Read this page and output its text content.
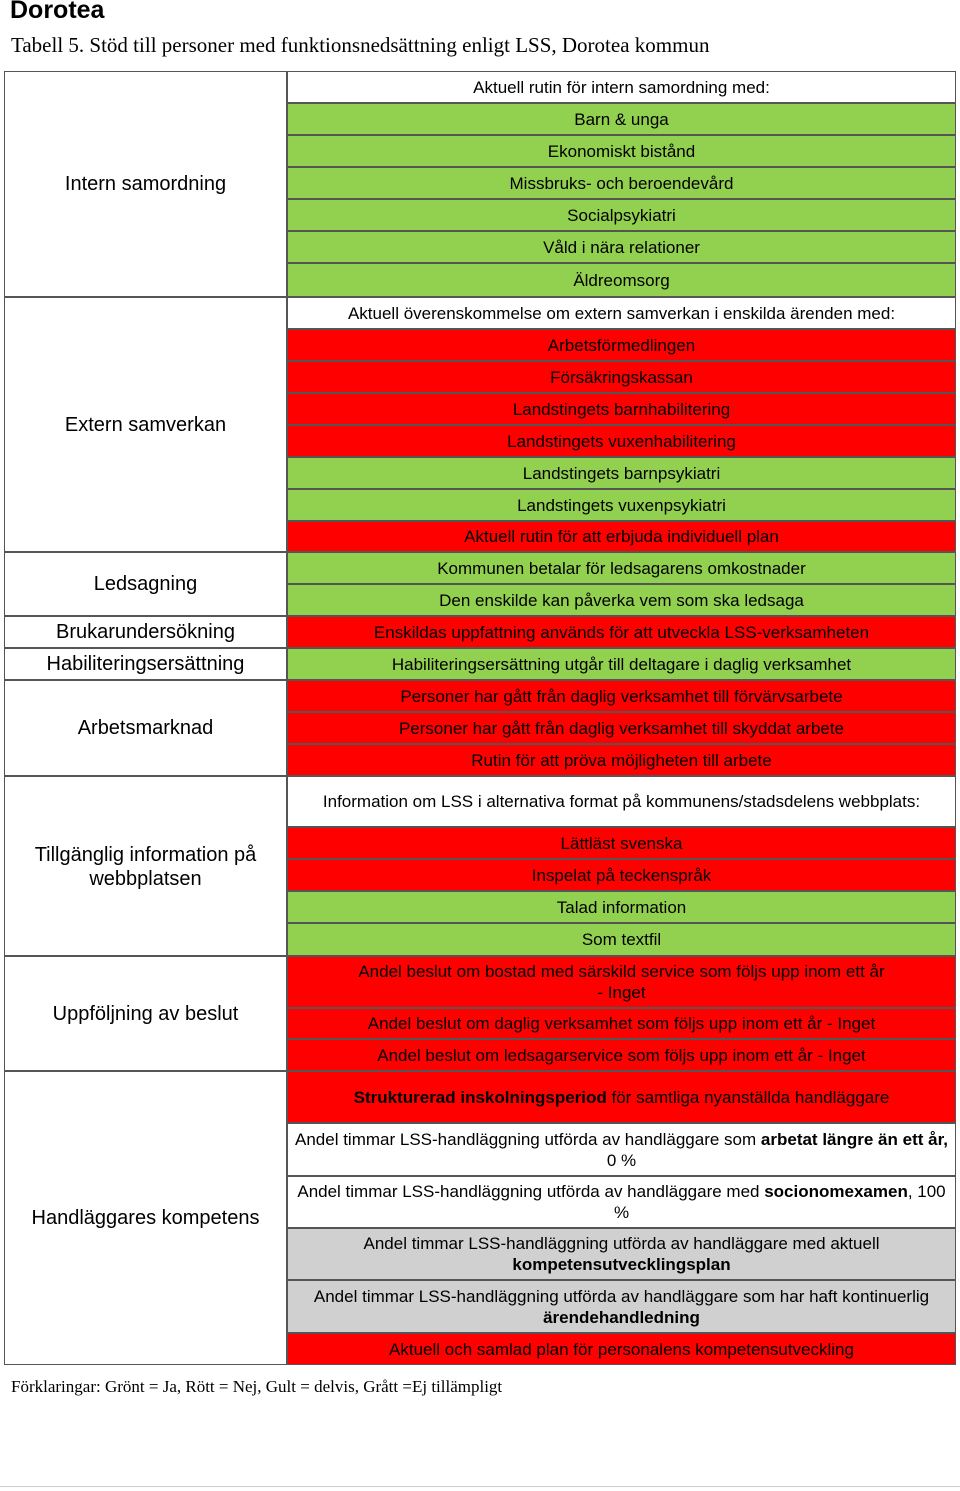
Dorotea
Tabell 5. Stöd till personer med funktionsnedsättning enligt LSS, Dorotea kommun
Intern samordning
Extern samverkan
Ledsagning
Brukarundersökning
Habiliteringsersättning
Arbetsmarknad
Tillgänglig information på
webbplatsen
Uppföljning av beslut
Handläggares kompetens
Aktuell rutin för intern samordning med:
Barn & unga
Ekonomiskt bistånd
Missbruks- och beroendevård
Socialpsykiatri
Våld i nära relationer
Äldreomsorg
Aktuell överenskommelse om extern samverkan i enskilda ärenden med:
Arbetsförmedlingen
Försäkringskassan
Landstingets barnhabilitering
Landstingets vuxenhabilitering
Landstingets barnpsykiatri
Landstingets vuxenpsykiatri
Aktuell rutin för att erbjuda individuell plan
Kommunen betalar för ledsagarens omkostnader
Den enskilde kan påverka vem som ska ledsaga
Enskildas uppfattning används för att utveckla LSS-verksamheten
Habiliteringsersättning utgår till deltagare i daglig verksamhet
Personer har gått från daglig verksamhet till förvärvsarbete
Personer har gått från daglig verksamhet till skyddat arbete
Rutin för att pröva möjligheten till arbete
Information om LSS i alternativa format på kommunens/stadsdelens webbplats:
Lättläst svenska
Inspelat på teckenspråk
Talad information
Som textfil
Andel beslut om bostad med särskild service som följs upp inom ett år
- Inget
Andel beslut om daglig verksamhet som följs upp inom ett år - Inget
Andel beslut om ledsagarservice som följs upp inom ett år - Inget
Strukturerad inskolningsperiod för samtliga nyanställda handläggare
Andel timmar LSS-handläggning utförda av handläggare som arbetat längre än ett år, 0 %
Andel timmar LSS-handläggning utförda av handläggare med socionomexamen, 100 %
Andel timmar LSS-handläggning utförda av handläggare med aktuell kompetensutvecklingsplan
Andel timmar LSS-handläggning utförda av handläggare som har haft kontinuerlig ärendehandledning
Aktuell och samlad plan för personalens kompetensutveckling
Förklaringar: Grönt = Ja, Rött = Nej, Gult = delvis, Grått =Ej tillämpligt
